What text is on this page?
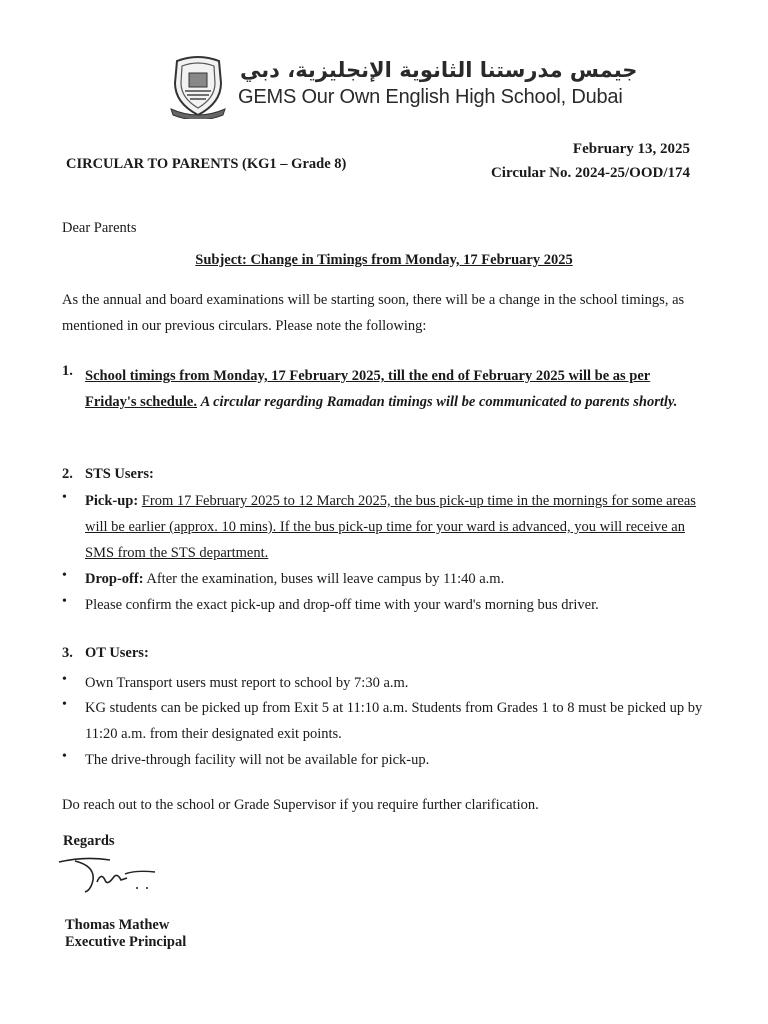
جيمس مدرستنا الثانوية الإنجليزية، دبي
GEMS Our Own English High School, Dubai
CIRCULAR TO PARENTS (KG1 – Grade 8)
February 13, 2025
Circular No. 2024-25/OOD/174
Dear Parents
Subject: Change in Timings from Monday, 17 February 2025
As the annual and board examinations will be starting soon, there will be a change in the school timings, as mentioned in our previous circulars. Please note the following:
1. School timings from Monday, 17 February 2025, till the end of February 2025 will be as per Friday's schedule. A circular regarding Ramadan timings will be communicated to parents shortly.
2. STS Users:
• Pick-up: From 17 February 2025 to 12 March 2025, the bus pick-up time in the mornings for some areas will be earlier (approx. 10 mins). If the bus pick-up time for your ward is advanced, you will receive an SMS from the STS department.
• Drop-off: After the examination, buses will leave campus by 11:40 a.m.
• Please confirm the exact pick-up and drop-off time with your ward's morning bus driver.
3. OT Users:
• Own Transport users must report to school by 7:30 a.m.
• KG students can be picked up from Exit 5 at 11:10 a.m. Students from Grades 1 to 8 must be picked up by 11:20 a.m. from their designated exit points.
• The drive-through facility will not be available for pick-up.
Do reach out to the school or Grade Supervisor if you require further clarification.
Regards
Thomas Mathew
Executive Principal
